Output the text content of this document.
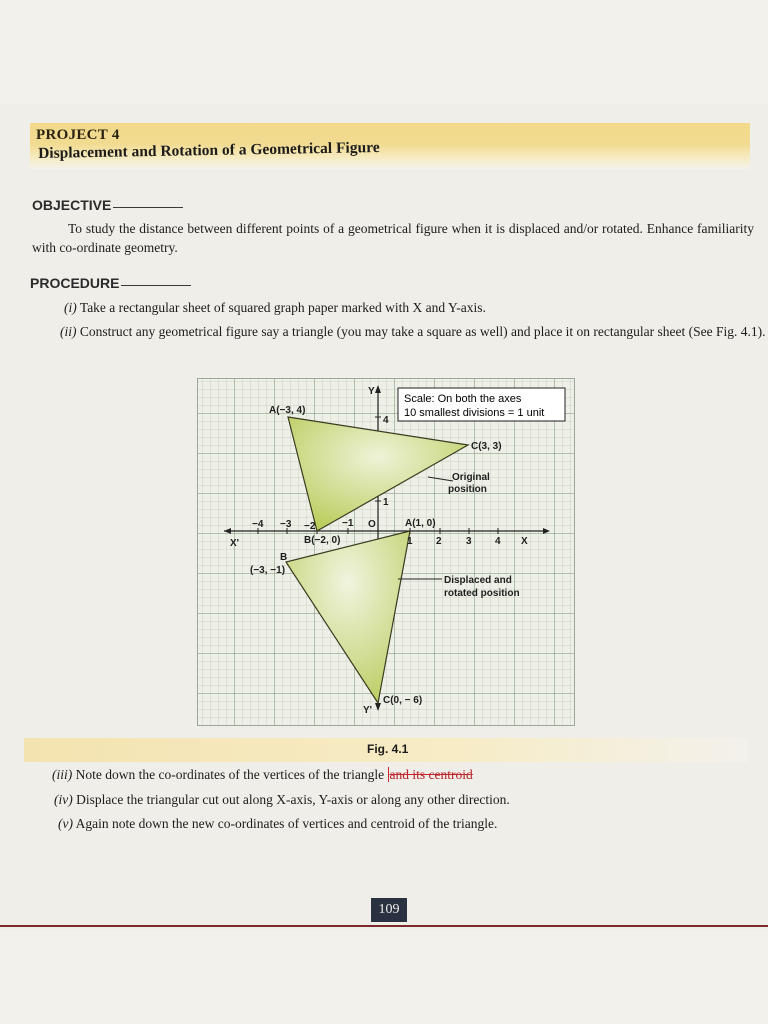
PROJECT 4
Displacement and Rotation of a Geometrical Figure
OBJECTIVE
To study the distance between different points of a geometrical figure when it is displaced and/or rotated. Enhance familiarity with co-ordinate geometry.
PROCEDURE
(i) Take a rectangular sheet of squared graph paper marked with X and Y-axis.
(ii) Construct any geometrical figure say a triangle (you may take a square as well) and place it on rectangular sheet (See Fig. 4.1).
Scale: On both the axes
10 smallest divisions = 1 unit
A(−3, 4)
C(3, 3)
B(−2, 0)
A(1, 0)
B
(−3, −1)
C(0, − 6)
Original
position
Displaced and
rotated position
−4 −3 −2	−1
1 2 3 4
4
1
O
X
X'
Y
Y'
Fig. 4.1
(iii) Note down the co-ordinates of the vertices of the triangle and its centroid
(iv) Displace the triangular cut out along X-axis, Y-axis or along any other direction.
(v) Again note down the new co-ordinates of vertices and centroid of the triangle.
109
